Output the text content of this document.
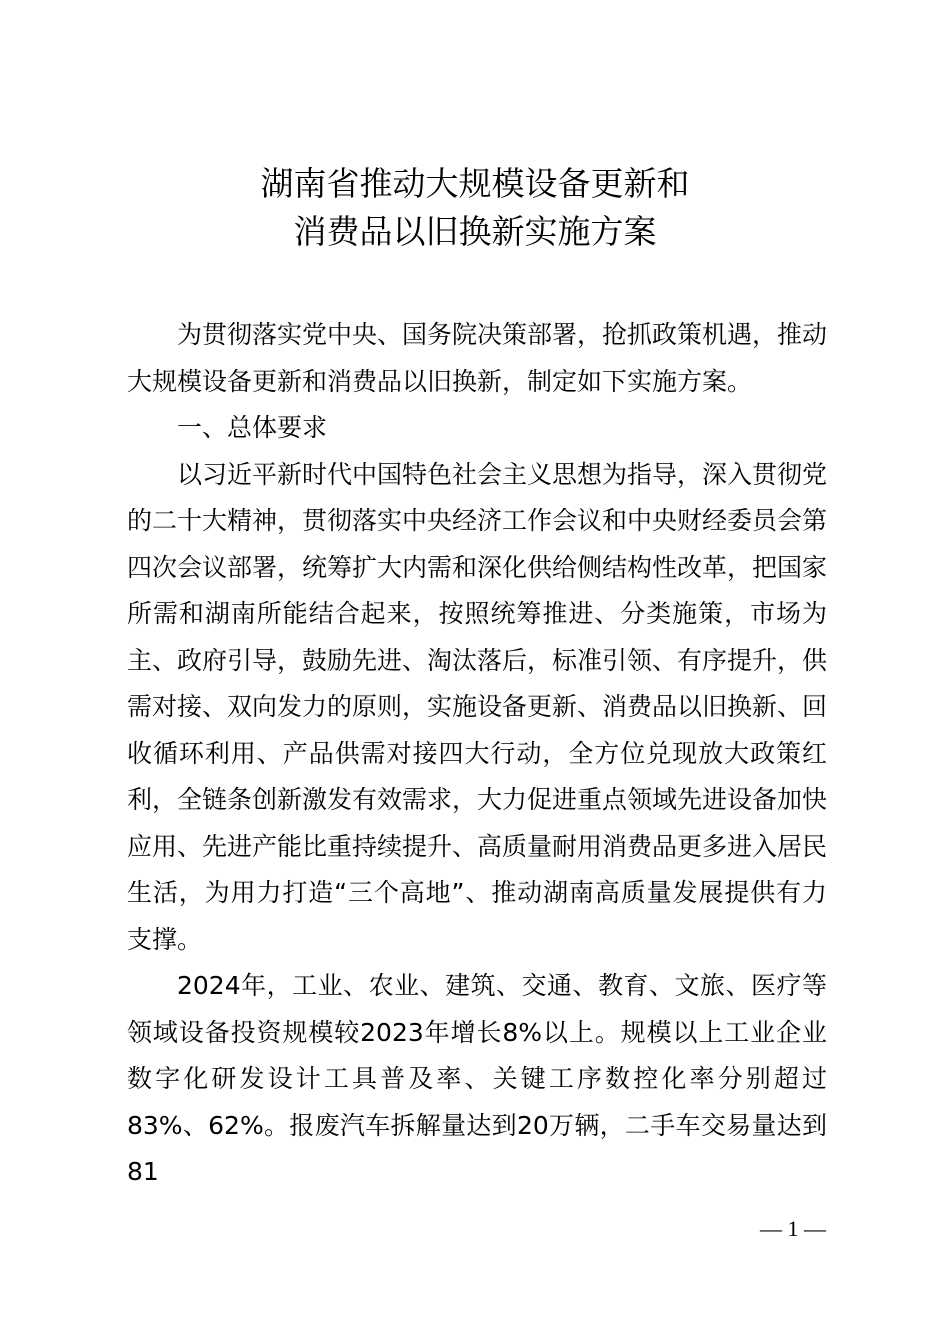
湖南省推动大规模设备更新和
消费品以旧换新实施方案

为贯彻落实党中央、国务院决策部署，抢抓政策机遇，推动大规模设备更新和消费品以旧换新，制定如下实施方案。

一、总体要求

以习近平新时代中国特色社会主义思想为指导，深入贯彻党的二十大精神，贯彻落实中央经济工作会议和中央财经委员会第四次会议部署，统筹扩大内需和深化供给侧结构性改革，把国家所需和湖南所能结合起来，按照统筹推进、分类施策，市场为主、政府引导，鼓励先进、淘汰落后，标准引领、有序提升，供需对接、双向发力的原则，实施设备更新、消费品以旧换新、回收循环利用、产品供需对接四大行动，全方位兑现放大政策红利，全链条创新激发有效需求，大力促进重点领域先进设备加快应用、先进产能比重持续提升、高质量耐用消费品更多进入居民生活，为用力打造“三个高地”、推动湖南高质量发展提供有力支撑。

2024年，工业、农业、建筑、交通、教育、文旅、医疗等领域设备投资规模较2023年增长8%以上。规模以上工业企业数字化研发设计工具普及率、关键工序数控化率分别超过83%、62%。报废汽车拆解量达到20万辆，二手车交易量达到81

— 1 —
